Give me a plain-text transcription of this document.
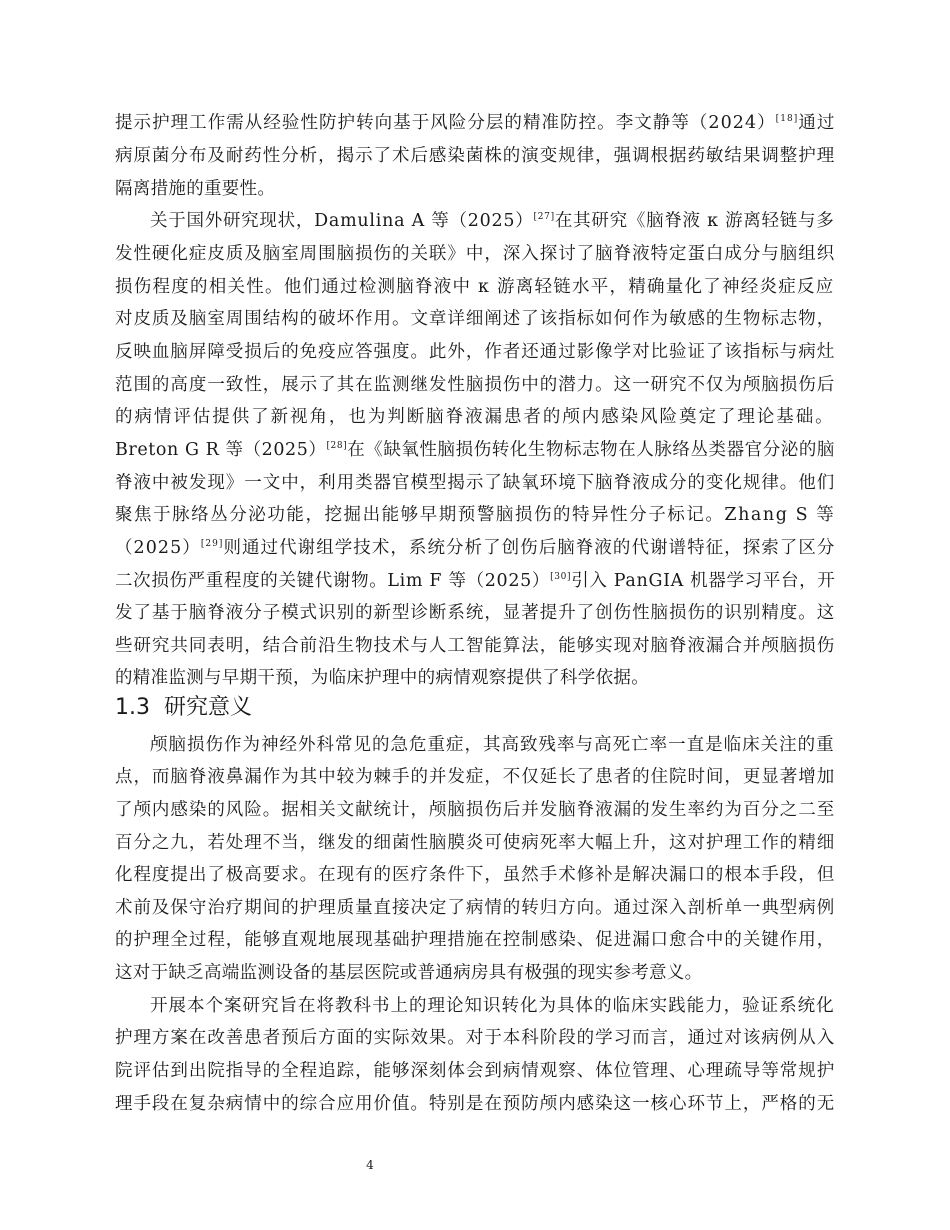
提示护理工作需从经验性防护转向基于风险分层的精准防控。李文静等（2024）[18]通过
病原菌分布及耐药性分析，揭示了术后感染菌株的演变规律，强调根据药敏结果调整护理
隔离措施的重要性。
关于国外研究现状，Damulina A 等（2025）[27]在其研究《脑脊液 κ 游离轻链与多
发性硬化症皮质及脑室周围脑损伤的关联》中，深入探讨了脑脊液特定蛋白成分与脑组织
损伤程度的相关性。他们通过检测脑脊液中 κ 游离轻链水平，精确量化了神经炎症反应
对皮质及脑室周围结构的破坏作用。文章详细阐述了该指标如何作为敏感的生物标志物，
反映血脑屏障受损后的免疫应答强度。此外，作者还通过影像学对比验证了该指标与病灶
范围的高度一致性，展示了其在监测继发性脑损伤中的潜力。这一研究不仅为颅脑损伤后
的病情评估提供了新视角，也为判断脑脊液漏患者的颅内感染风险奠定了理论基础。
Breton G R 等（2025）[28]在《缺氧性脑损伤转化生物标志物在人脉络丛类器官分泌的脑
脊液中被发现》一文中，利用类器官模型揭示了缺氧环境下脑脊液成分的变化规律。他们
聚焦于脉络丛分泌功能，挖掘出能够早期预警脑损伤的特异性分子标记。Zhang S 等
（2025）[29]则通过代谢组学技术，系统分析了创伤后脑脊液的代谢谱特征，探索了区分
二次损伤严重程度的关键代谢物。Lim F 等（2025）[30]引入 PanGIA 机器学习平台，开
发了基于脑脊液分子模式识别的新型诊断系统，显著提升了创伤性脑损伤的识别精度。这
些研究共同表明，结合前沿生物技术与人工智能算法，能够实现对脑脊液漏合并颅脑损伤
的精准监测与早期干预，为临床护理中的病情观察提供了科学依据。
1.3 研究意义
颅脑损伤作为神经外科常见的急危重症，其高致残率与高死亡率一直是临床关注的重
点，而脑脊液鼻漏作为其中较为棘手的并发症，不仅延长了患者的住院时间，更显著增加
了颅内感染的风险。据相关文献统计，颅脑损伤后并发脑脊液漏的发生率约为百分之二至
百分之九，若处理不当，继发的细菌性脑膜炎可使病死率大幅上升，这对护理工作的精细
化程度提出了极高要求。在现有的医疗条件下，虽然手术修补是解决漏口的根本手段，但
术前及保守治疗期间的护理质量直接决定了病情的转归方向。通过深入剖析单一典型病例
的护理全过程，能够直观地展现基础护理措施在控制感染、促进漏口愈合中的关键作用，
这对于缺乏高端监测设备的基层医院或普通病房具有极强的现实参考意义。
开展本个案研究旨在将教科书上的理论知识转化为具体的临床实践能力，验证系统化
护理方案在改善患者预后方面的实际效果。对于本科阶段的学习而言，通过对该病例从入
院评估到出院指导的全程追踪，能够深刻体会到病情观察、体位管理、心理疏导等常规护
理手段在复杂病情中的综合应用价值。特别是在预防颅内感染这一核心环节上，严格的无
4
